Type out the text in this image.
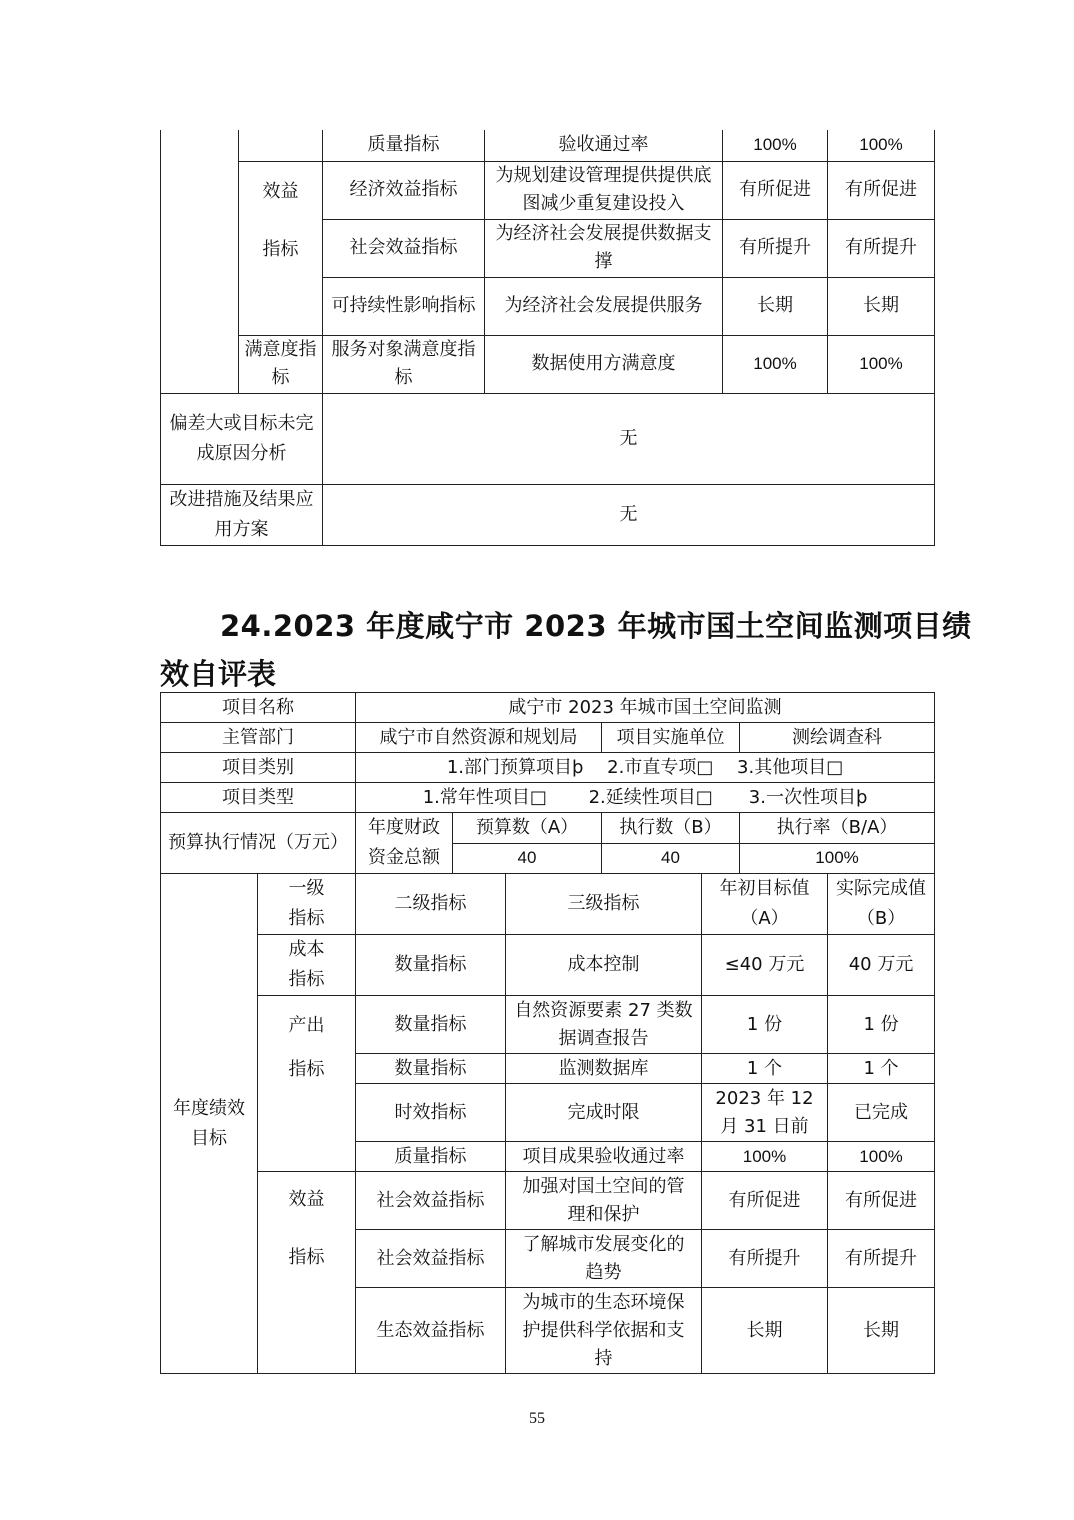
		质量指标	验收通过率	100%	100%

	效益
指标	经济效益指标	为规划建设管理提供提供底图减少重复建设投入	有所促进	有所促进
		社会效益指标	为经济社会发展提供数据支撑	有所提升	有所提升
		可持续性影响指标	为经济社会发展提供服务	长期	长期
	满意度指　标	服务对象满意度指标	数据使用方满意度	100%	100%
偏差大或目标未完成原因分析		无			
改进措施及结果应用方案		无			
24.2023 年度咸宁市 2023 年城市国土空间监测项目绩
效自评表
项目名称		咸宁市 2023 年城市国土空间监测						
主管部门		咸宁市自然资源和规划局			项目实施单位		测绘调查科	
项目类别		1.部门预算项目þ　 2.市直专项□　 3.其他项目□						
项目类型		1.常年性项目□　　 2.延续性项目□　　3.一次性项目þ						
预算执行情况（万元）		年度财政资金总额	预算数（A）		执行数（B）		执行率（B/A）	
			40		40		100%	
年度绩效目标	一级指标	二级指标		三级指标		年初目标值（A）		实际完成值（B）
	成本指标	数量指标		成本控制		≤40 万元		40 万元

	产出
指标	数量指标		自然资源要素 27 类数据调查报告		1 份		1 份
		数量指标		监测数据库		1 个		1 个
		时效指标		完成时限		2023 年 12 月 31 日前		已完成
		质量指标		项目成果验收通过率		100%		100%

	效益
指标	社会效益指标		加强对国土空间的管理和保护		有所促进		有所促进
		社会效益指标		了解城市发展变化的趋势		有所提升		有所提升
		生态效益指标		为城市的生态环境保护提供科学依据和支持		长期		长期
55
